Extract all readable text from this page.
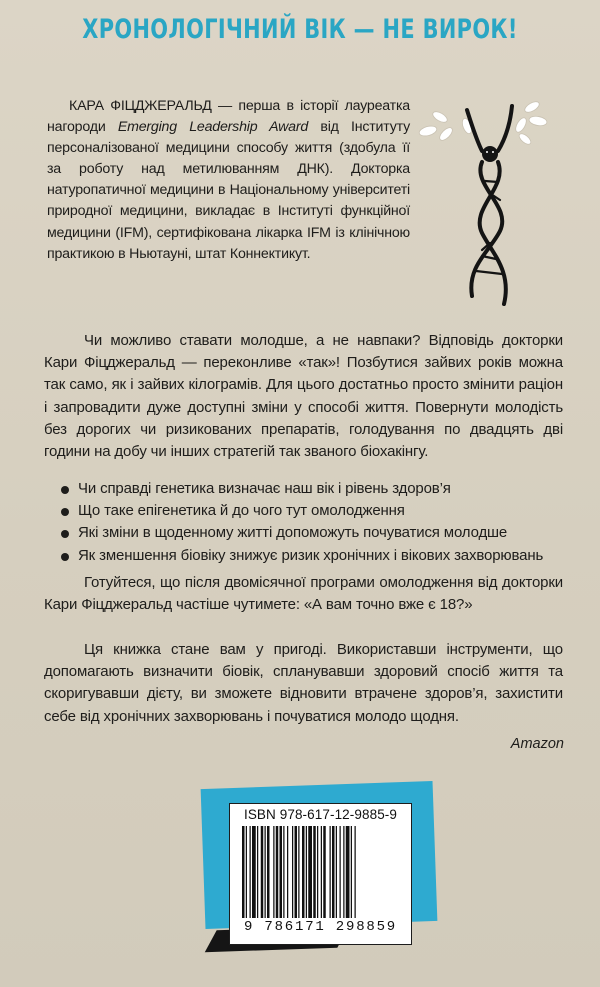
ХРОНОЛОГІЧНИЙ ВІК — НЕ ВИРОК!

КАРА ФІЦДЖЕРАЛЬД — перша в історії лауреатка нагороди Emerging Leadership Award від Інституту персоналізованої медицини способу життя (здобула її за роботу над метилюванням ДНК). Докторка натуропатичної медицини в Національному університеті природної медицини, викладає в Інституті функційної медицини (IFM), сертифікована лікарка IFM із клінічною практикою в Ньютауні, штат Коннектикут.

Чи можливо ставати молодше, а не навпаки? Відповідь докторки Кари Фіцджеральд — переконливе «так»! Позбутися зайвих років можна так само, як і зайвих кілограмів. Для цього достатньо просто змінити раціон і запровадити дуже доступні зміни у способі життя. Повернути молодість без дорогих чи ризикованих препаратів, голодування по двадцять дві години на добу чи інших стратегій так званого біохакінгу.

Чи справді генетика визначає наш вік і рівень здоров’я
Що таке епігенетика й до чого тут омолодження
Які зміни в щоденному житті допоможуть почуватися молодше
Як зменшення біовіку знижує ризик хронічних і вікових захворювань

Готуйтеся, що після двомісячної програми омолодження від докторки Кари Фіцджеральд частіше чутимете: «А вам точно вже є 18?»

Ця книжка стане вам у пригоді. Використавши інструменти, що допомагають визначити біовік, спланувавши здоровий спосіб життя та скоригувавши дієту, ви зможете відновити втрачене здоров’я, захистити себе від хронічних захворювань і почуватися молодо щодня.

Amazon
ISBN 978-617-12-9885-9
9 786171 298859
